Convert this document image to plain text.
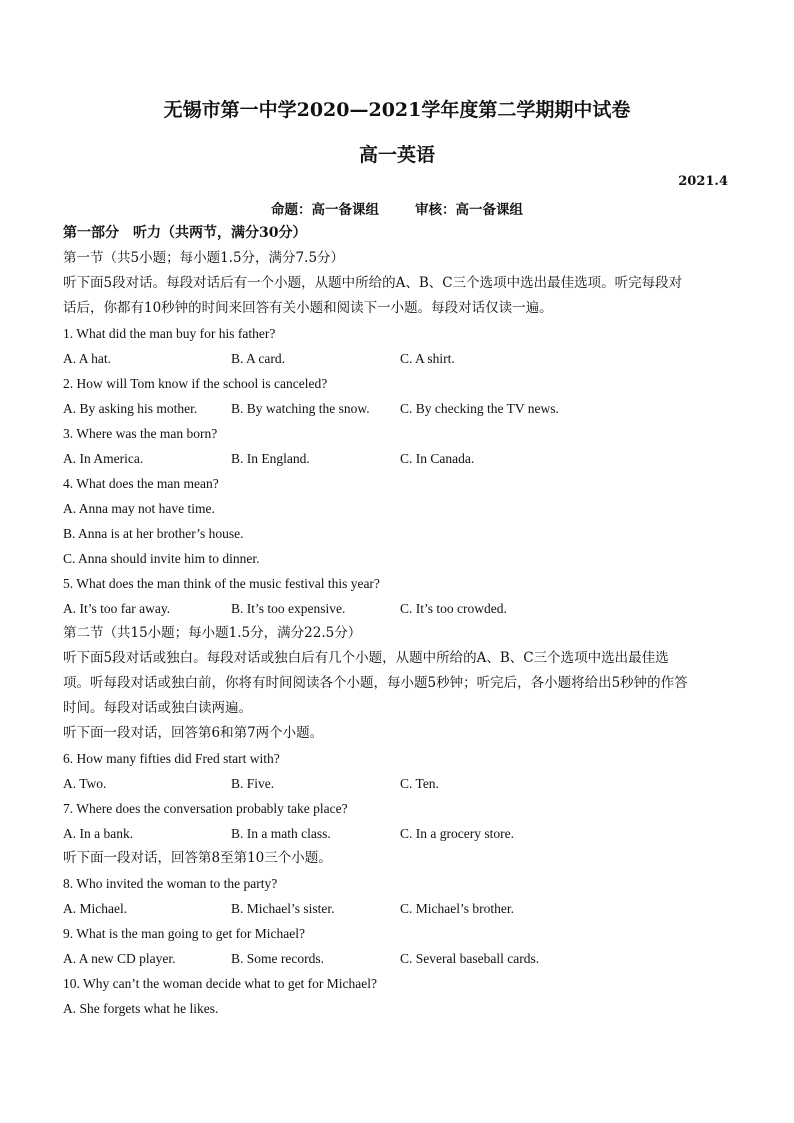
无锡市第一中学2020—2021学年度第二学期期中试卷
高一英语
2021.4
命题：高一备课组	审核：高一备课组
第一部分　听力（共两节，满分30分）
第一节（共5小题；每小题1.5分，满分7.5分）
听下面5段对话。每段对话后有一个小题，从题中所给的A、B、C三个选项中选出最佳选项。听完每段对
话后，你都有10秒钟的时间来回答有关小题和阅读下一小题。每段对话仅读一遍。
1. What did the man buy for his father?
A. A hat.	B. A card.	C. A shirt.
2. How will Tom know if the school is canceled?
A. By asking his mother.	B. By watching the snow. C. By checking the TV news.
3. Where was the man born?
A. In America.	B. In England.	C. In Canada.
4. What does the man mean?
A. Anna may not have time.
B. Anna is at her brother’s house.
C. Anna should invite him to dinner.
5. What does the man think of the music festival this year?
A. It’s too far away.	B. It’s too expensive.	C. It’s too crowded.
第二节（共15小题；每小题1.5分，满分22.5分）
听下面5段对话或独白。每段对话或独白后有几个小题，从题中所给的A、B、C三个选项中选出最佳选
项。听每段对话或独白前，你将有时间阅读各个小题，每小题5秒钟；听完后，各小题将给出5秒钟的作答
时间。每段对话或独白读两遍。
听下面一段对话，回答第6和第7两个小题。
6. How many fifties did Fred start with?
A. Two.	B. Five.	C. Ten.
7. Where does the conversation probably take place?
A. In a bank.	B. In a math class.	C. In a grocery store.
听下面一段对话，回答第8至第10三个小题。
8. Who invited the woman to the party?
A. Michael.	B. Michael’s sister.	C. Michael’s brother.
9. What is the man going to get for Michael?
A. A new CD player.	B. Some records.	C. Several baseball cards.
10. Why can’t the woman decide what to get for Michael?
A. She forgets what he likes.
